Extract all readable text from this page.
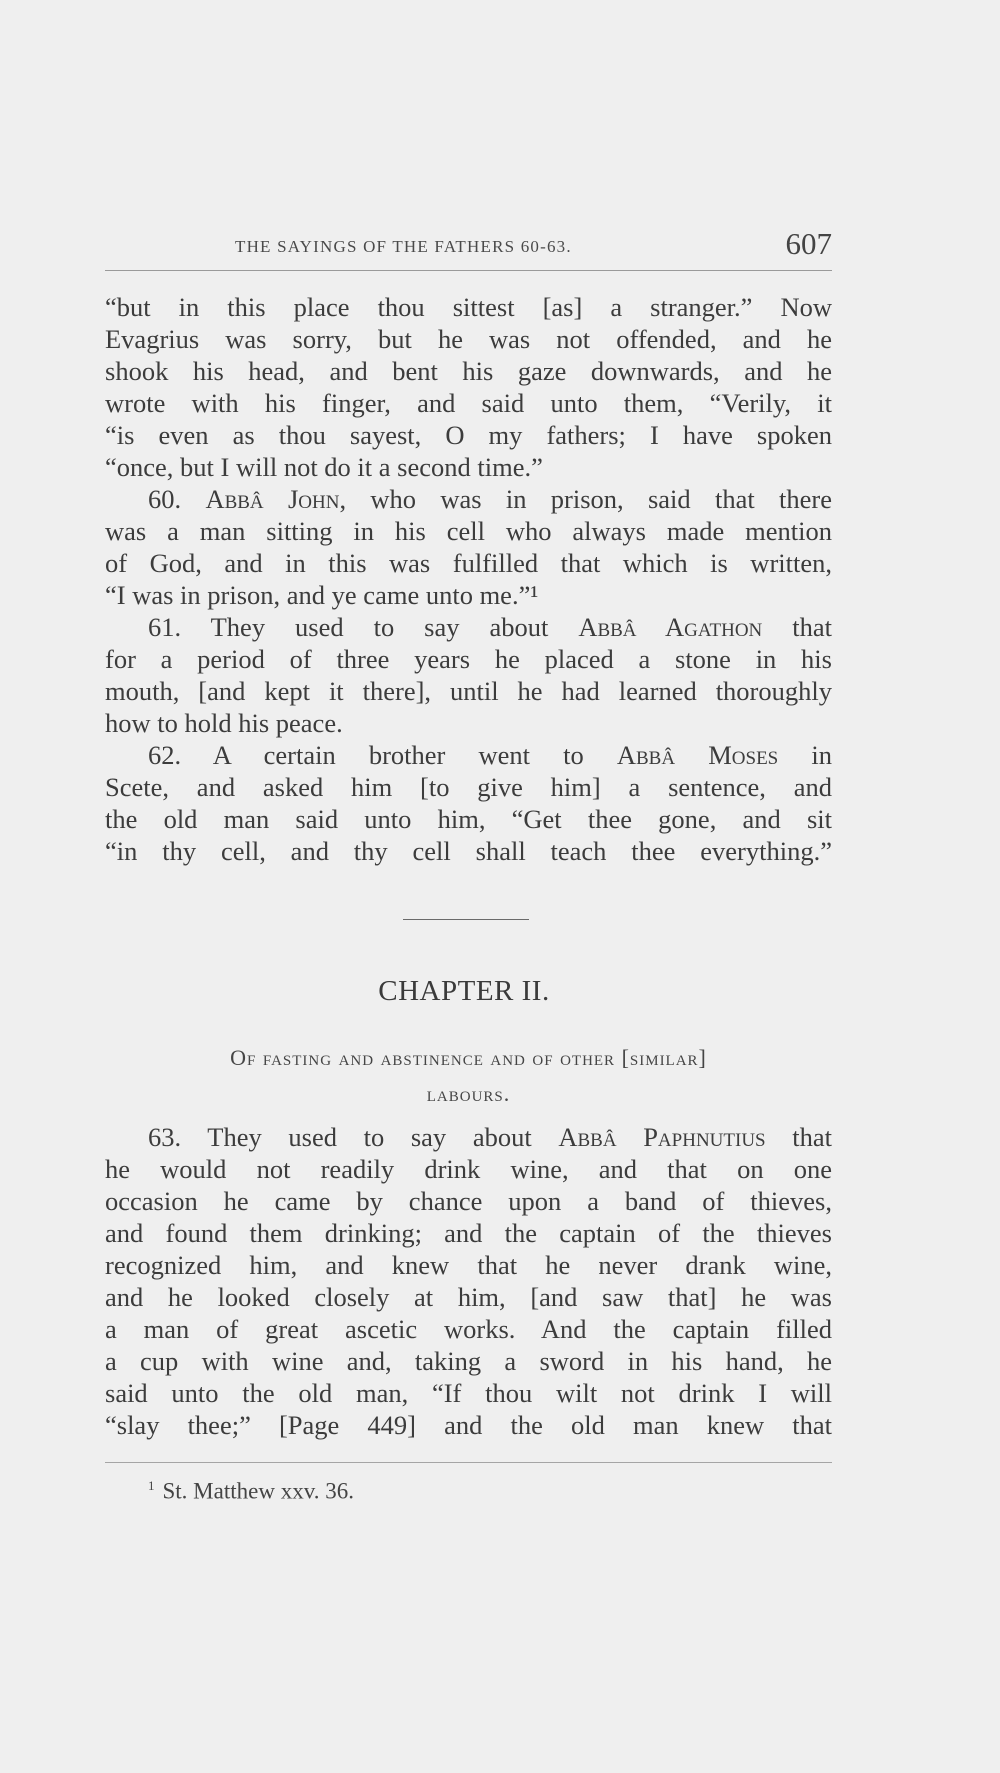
THE SAYINGS OF THE FATHERS 60-63.	607
“but in this place thou sittest [as] a stranger.” Now
Evagrius was sorry, but he was not offended, and he
shook his head, and bent his gaze downwards, and he
wrote with his finger, and said unto them, “Verily, it
“is even as thou sayest, O my fathers; I have spoken
“once, but I will not do it a second time.”
60. Abbâ John, who was in prison, said that there
was a man sitting in his cell who always made mention
of God, and in this was fulfilled that which is written,
“I was in prison, and ye came unto me.”¹
61. They used to say about Abbâ Agathon that
for a period of three years he placed a stone in his
mouth, [and kept it there], until he had learned thoroughly
how to hold his peace.
62. A certain brother went to Abbâ Moses in
Scete, and asked him [to give him] a sentence, and
the old man said unto him, “Get thee gone, and sit
“in thy cell, and thy cell shall teach thee everything.”
CHAPTER II.
Of fasting and abstinence and of other [similar]
labours.
63. They used to say about Abbâ Paphnutius that
he would not readily drink wine, and that on one
occasion he came by chance upon a band of thieves,
and found them drinking; and the captain of the thieves
recognized him, and knew that he never drank wine,
and he looked closely at him, [and saw that] he was
a man of great ascetic works. And the captain filled
a cup with wine and, taking a sword in his hand, he
said unto the old man, “If thou wilt not drink I will
“slay thee;” [Page 449] and the old man knew that
$^1$ St. Matthew xxv. 36.
